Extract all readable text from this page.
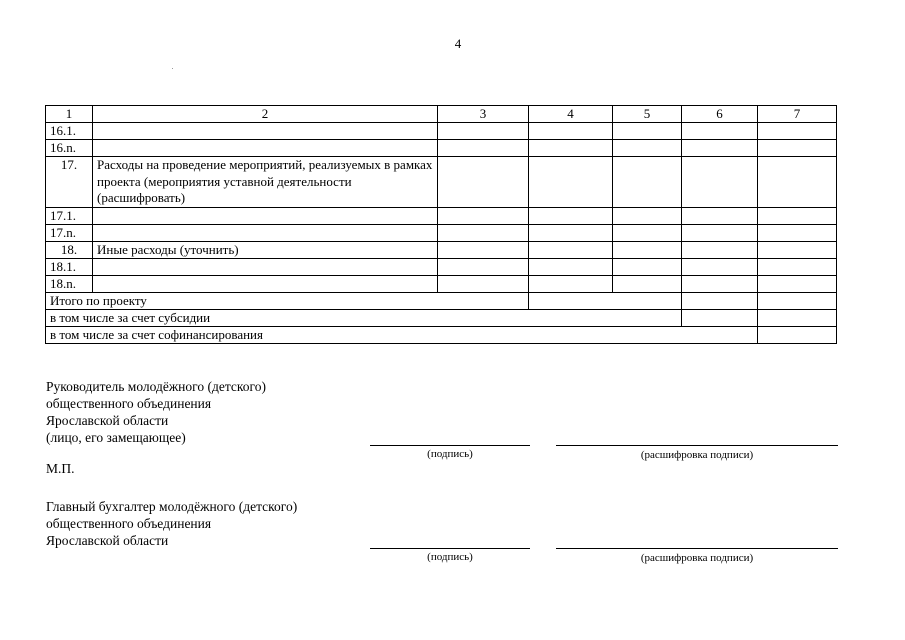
4
1	2	3	4	5	6	7
16.1.						
16.n.						
17.	Расходы на проведение мероприятий, реализуемых в рамках проекта (мероприятия уставной деятельности (расшифровать)					
17.1.						
17.n.						
18.	Иные расходы (уточнить)					
18.1.						
18.n.						
Итого по проекту						
в том числе за счет субсидии						
в том числе за счет софинансирования						
Руководитель молодёжного (детского)
общественного объединения
Ярославской области
(лицо, его замещающее)
(подпись)	(расшифровка подписи)
М.П.
Главный бухгалтер молодёжного (детского)
общественного объединения
Ярославской области
(подпись)	(расшифровка подписи)
